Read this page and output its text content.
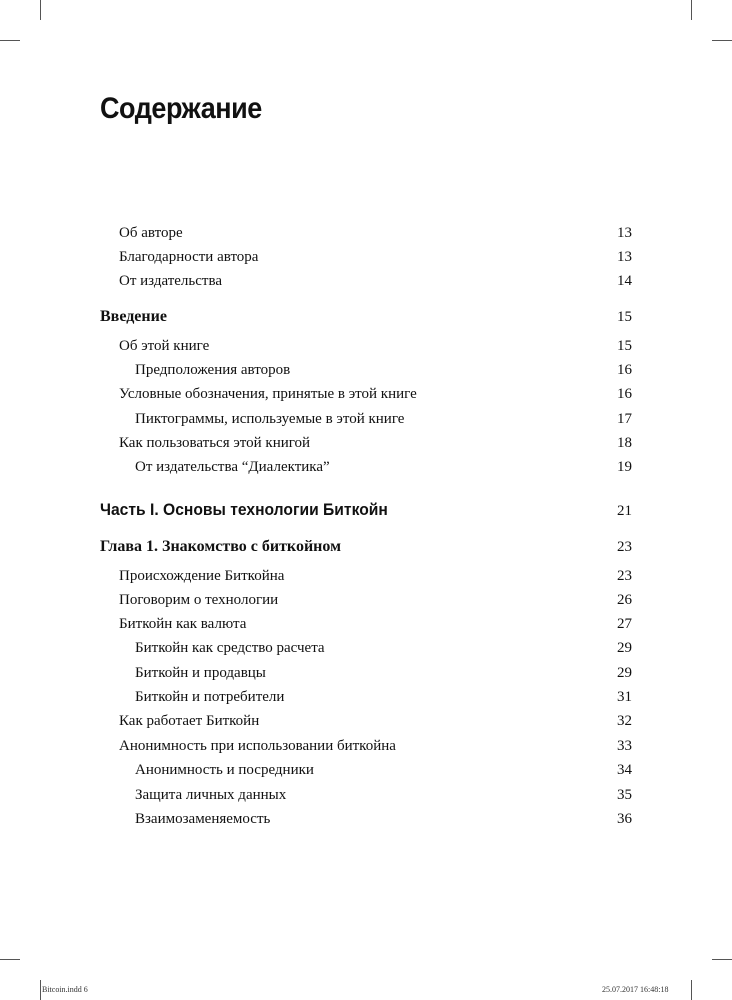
Содержание
Об авторе	13
Благодарности автора	13
От издательства	14
Введение	15
Об этой книге	15
Предположения авторов	16
Условные обозначения, принятые в этой книге	16
Пиктограммы, используемые в этой книге	17
Как пользоваться этой книгой	18
От издательства “Диалектика”	19
Часть I. Основы технологии Биткойн	21
Глава 1. Знакомство с биткойном	23
Происхождение Биткойна	23
Поговорим о технологии	26
Биткойн как валюта	27
Биткойн как средство расчета	29
Биткойн и продавцы	29
Биткойн и потребители	31
Как работает Биткойн	32
Анонимность при использовании биткойна	33
Анонимность и посредники	34
Защита личных данных	35
Взаимозаменяемость	36
Bitcoin.indd 6	25.07.2017 16:48:18
